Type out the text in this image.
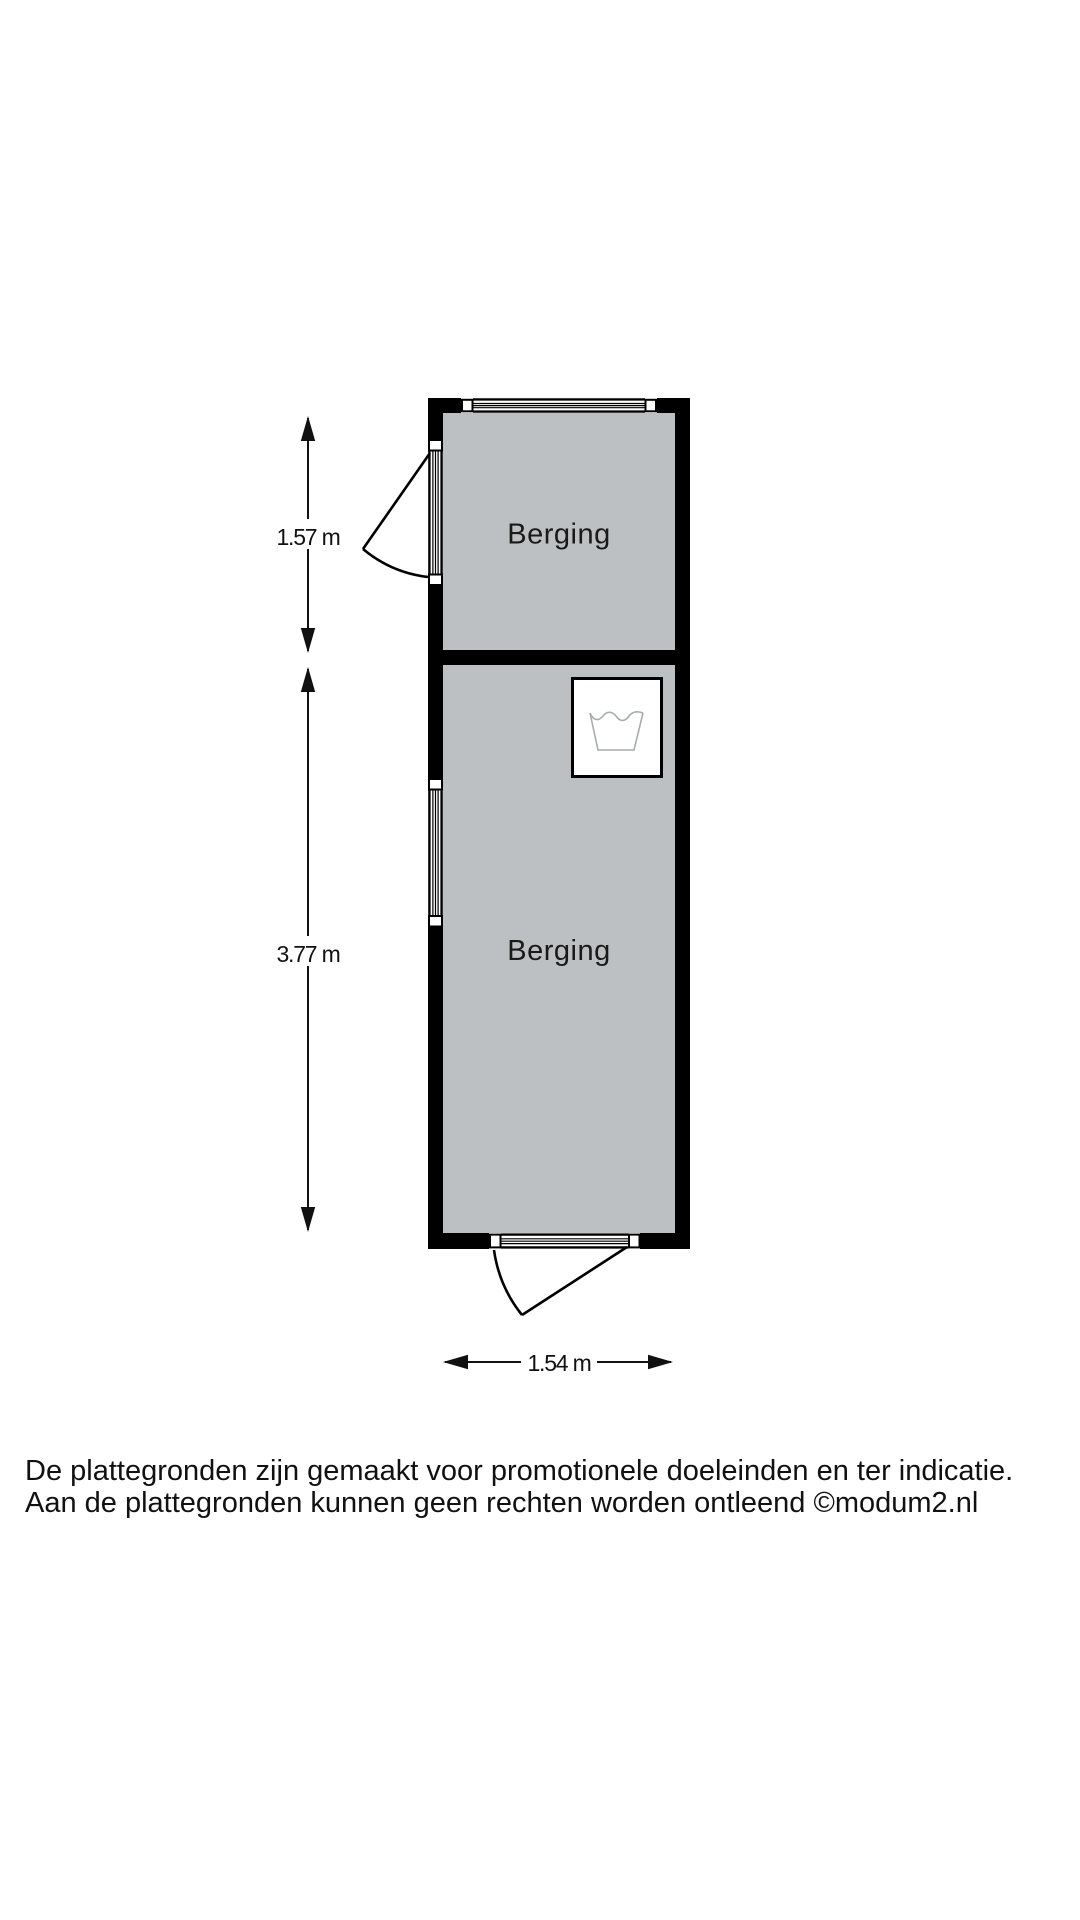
Berging
Berging
1.57 m
3.77 m
1.54 m
De plattegronden zijn gemaakt voor promotionele doeleinden en ter indicatie.
Aan de plattegronden kunnen geen rechten worden ontleend ©modum2.nl
